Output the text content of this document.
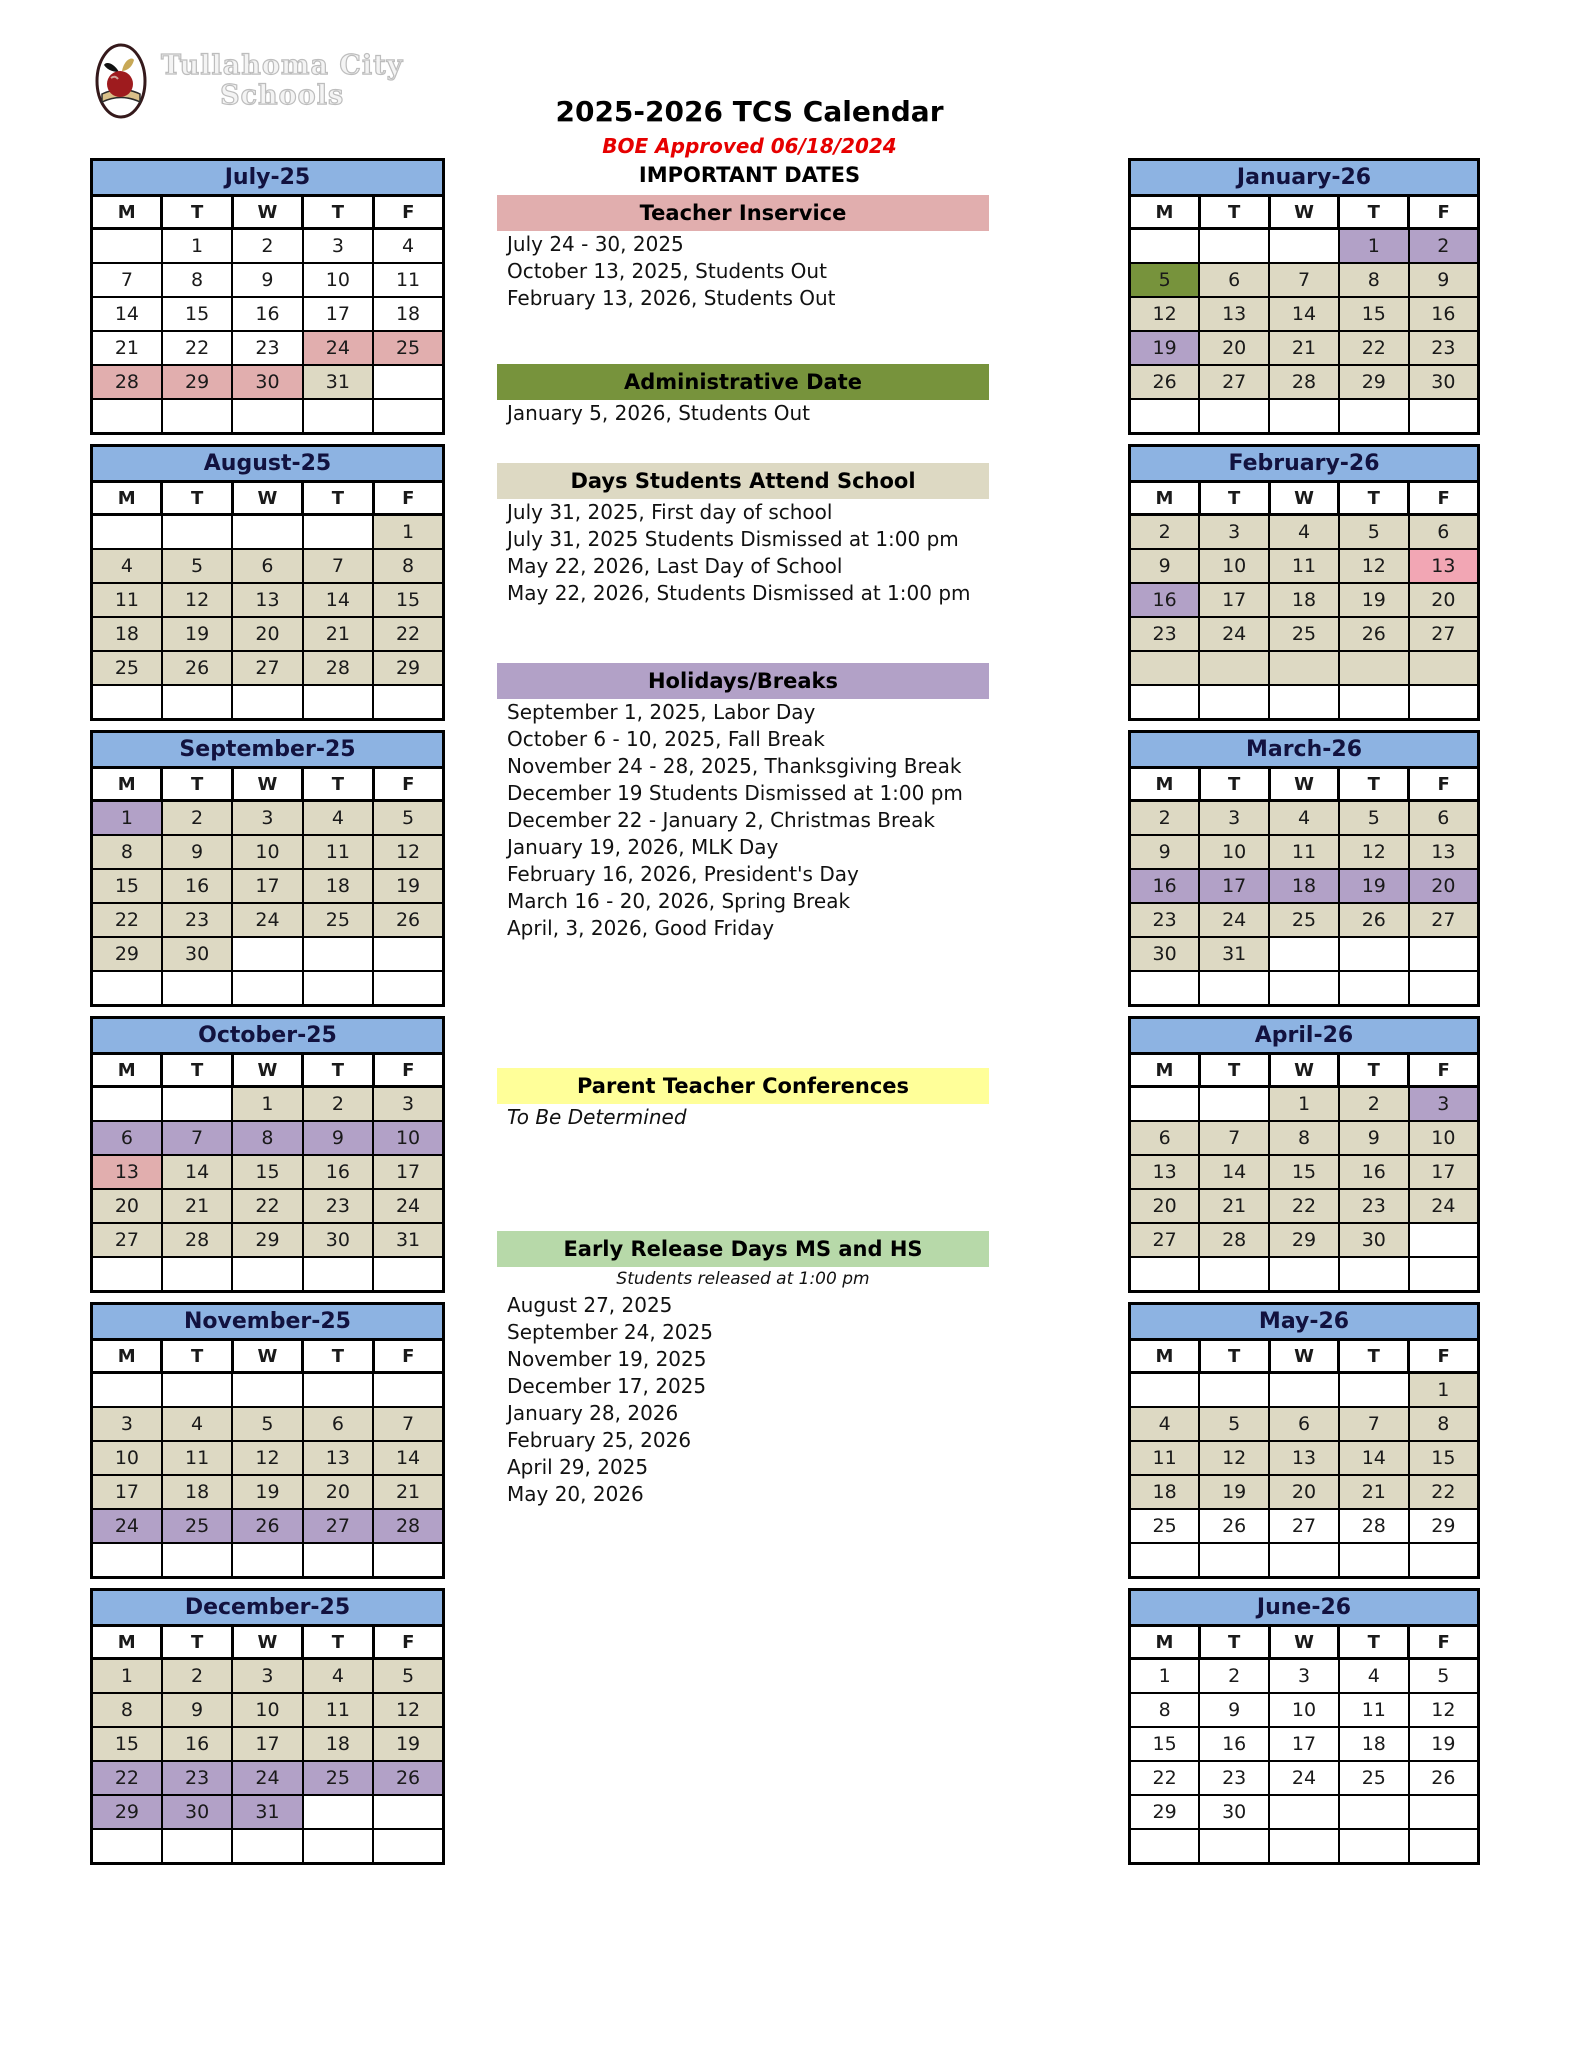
Tullahoma City
Schools	2025-2026 TCS Calendar
BOE Approved 06/18/2024
IMPORTANT DATES
Teacher Inservice
July 24 - 30, 2025
October 13, 2025, Students Out
February 13, 2026, Students Out
Administrative Date
January 5, 2026, Students Out
Days Students Attend School
July 31, 2025, First day of school
July 31, 2025 Students Dismissed at 1:00 pm
May 22, 2026, Last Day of School
May 22, 2026, Students Dismissed at 1:00 pm
Holidays/Breaks
September 1, 2025, Labor Day
October 6 - 10, 2025, Fall Break
November 24 - 28, 2025, Thanksgiving Break
December 19 Students Dismissed at 1:00 pm
December 22 - January 2, Christmas Break
January 19, 2026, MLK Day
February 16, 2026, President's Day
March 16 - 20, 2026, Spring Break
April, 3, 2026, Good Friday
Parent Teacher Conferences
To Be Determined
Early Release Days MS and HS
Students released at 1:00 pm
August 27, 2025
September 24, 2025
November 19, 2025
December 17, 2025
January 28, 2026
February 25, 2026
April 29, 2025
May 20, 2026
July-25				
M	T	W	T	F
	1	2	3	4
7	8	9	10	11
14	15	16	17	18
21	22	23	24	25
28	29	30	31	

August-25				
M	T	W	T	F
				1
4	5	6	7	8
11	12	13	14	15
18	19	20	21	22
25	26	27	28	29

September-25				
M	T	W	T	F
1	2	3	4	5
8	9	10	11	12
15	16	17	18	19
22	23	24	25	26
29	30			

October-25				
M	T	W	T	F
		1	2	3
6	7	8	9	10
13	14	15	16	17
20	21	22	23	24
27	28	29	30	31

November-25				
M	T	W	T	F

3	4	5	6	7
10	11	12	13	14
17	18	19	20	21
24	25	26	27	28

December-25				
M	T	W	T	F
1	2	3	4	5
8	9	10	11	12
15	16	17	18	19
22	23	24	25	26
29	30	31		

January-26				
M	T	W	T	F
			1	2
5	6	7	8	9
12	13	14	15	16
19	20	21	22	23
26	27	28	29	30

February-26				
M	T	W	T	F
2	3	4	5	6
9	10	11	12	13
16	17	18	19	20
23	24	25	26	27

March-26				
M	T	W	T	F
2	3	4	5	6
9	10	11	12	13
16	17	18	19	20
23	24	25	26	27
30	31			

April-26				
M	T	W	T	F
		1	2	3
6	7	8	9	10
13	14	15	16	17
20	21	22	23	24
27	28	29	30	

May-26				
M	T	W	T	F
				1
4	5	6	7	8
11	12	13	14	15
18	19	20	21	22
25	26	27	28	29

June-26				
M	T	W	T	F
1	2	3	4	5
8	9	10	11	12
15	16	17	18	19
22	23	24	25	26
29	30			
